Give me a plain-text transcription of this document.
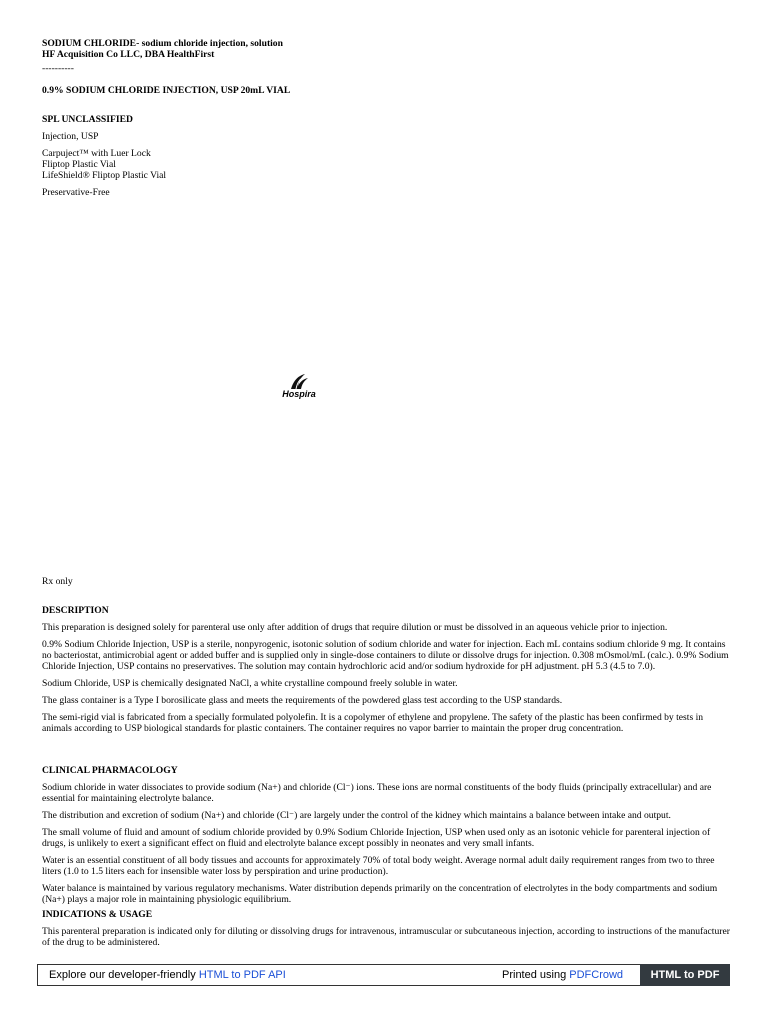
SODIUM CHLORIDE- sodium chloride injection, solution

HF Acquisition Co LLC, DBA HealthFirst

----------

0.9% SODIUM CHLORIDE INJECTION, USP 20mL VIAL

SPL UNCLASSIFIED

Injection, USP

Carpuject™ with Luer Lock

Fliptop Plastic Vial

LifeShield® Fliptop Plastic Vial

Preservative-Free

Hospira

Rx only

DESCRIPTION

This preparation is designed solely for parenteral use only after addition of drugs that require dilution or must be dissolved in an aqueous vehicle prior to injection.

0.9% Sodium Chloride Injection, USP is a sterile, nonpyrogenic, isotonic solution of sodium chloride and water for injection. Each mL contains sodium chloride 9 mg. It contains no bacteriostat, antimicrobial agent or added buffer and is supplied only in single-dose containers to dilute or dissolve drugs for injection. 0.308 mOsmol/mL (calc.). 0.9% Sodium Chloride Injection, USP contains no preservatives. The solution may contain hydrochloric acid and/or sodium hydroxide for pH adjustment. pH 5.3 (4.5 to 7.0).

Sodium Chloride, USP is chemically designated NaCl, a white crystalline compound freely soluble in water.

The glass container is a Type I borosilicate glass and meets the requirements of the powdered glass test according to the USP standards.

The semi-rigid vial is fabricated from a specially formulated polyolefin. It is a copolymer of ethylene and propylene. The safety of the plastic has been confirmed by tests in animals according to USP biological standards for plastic containers. The container requires no vapor barrier to maintain the proper drug concentration.

CLINICAL PHARMACOLOGY

Sodium chloride in water dissociates to provide sodium (Na+) and chloride (Cl⁻) ions. These ions are normal constituents of the body fluids (principally extracellular) and are essential for maintaining electrolyte balance.

The distribution and excretion of sodium (Na+) and chloride (Cl⁻) are largely under the control of the kidney which maintains a balance between intake and output.

The small volume of fluid and amount of sodium chloride provided by 0.9% Sodium Chloride Injection, USP when used only as an isotonic vehicle for parenteral injection of drugs, is unlikely to exert a significant effect on fluid and electrolyte balance except possibly in neonates and very small infants.

Water is an essential constituent of all body tissues and accounts for approximately 70% of total body weight. Average normal adult daily requirement ranges from two to three liters (1.0 to 1.5 liters each for insensible water loss by perspiration and urine production).

Water balance is maintained by various regulatory mechanisms. Water distribution depends primarily on the concentration of electrolytes in the body compartments and sodium (Na+) plays a major role in maintaining physiologic equilibrium.

INDICATIONS & USAGE

This parenteral preparation is indicated only for diluting or dissolving drugs for intravenous, intramuscular or subcutaneous injection, according to instructions of the manufacturer of the drug to be administered.

Explore our developer-friendly HTML to PDF API	Printed using PDFCrowd	HTML to PDF
